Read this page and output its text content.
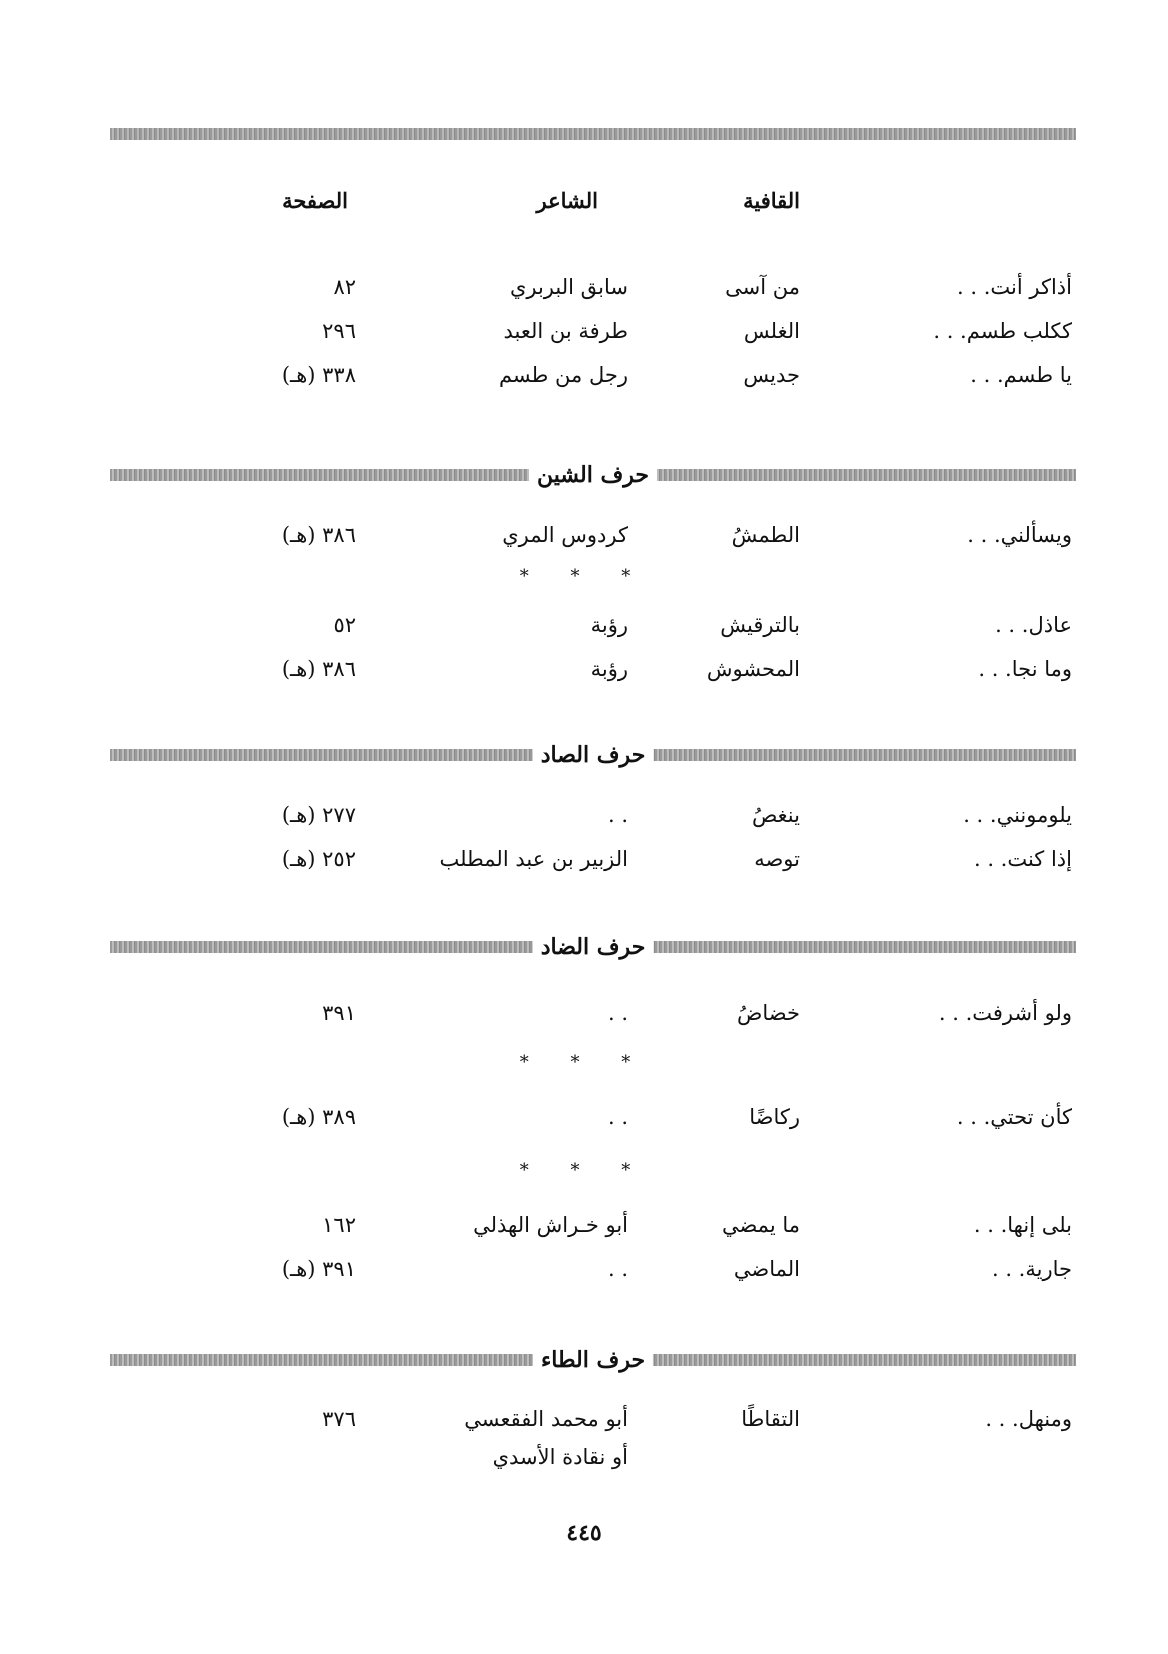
القافية
الشاعر
الصفحة
أذاكر أنت. . .
من آسى
سابق البربري
٨٢
ككلب طسم. . .
الغلس
طرفة بن العبد
٢٩٦
يا طسم. . .
جديس
رجل من طسم
٣٣٨ (هـ)
حرف الشين
ويسألني. . .
الطمشُ
كردوس المري
٣٨٦ (هـ)
* * *
عاذل. . .
بالترقيش
رؤبة
٥٢
وما نجا. . .
المحشوش
رؤبة
٣٨٦ (هـ)
حرف الصاد
يلومونني. . .
ينغصُ
. .
٢٧٧ (هـ)
إذا كنت. . .
توصه
الزبير بن عبد المطلب
٢٥٢ (هـ)
حرف الضاد
ولو أشرفت. . .
خضاضُ
. .
٣٩١
* * *
كأن تحتي. . .
ركاضًا
. .
٣٨٩ (هـ)
* * *
بلى إنها. . .
ما يمضي
أبو خـراش الهذلي
١٦٢
جارية. . .
الماضي
. .
٣٩١ (هـ)
حرف الطاء
ومنهل. . .
التقاطًا
أبو محمد الفقعسي
٣٧٦
أو نقادة الأسدي
٤٤٥
